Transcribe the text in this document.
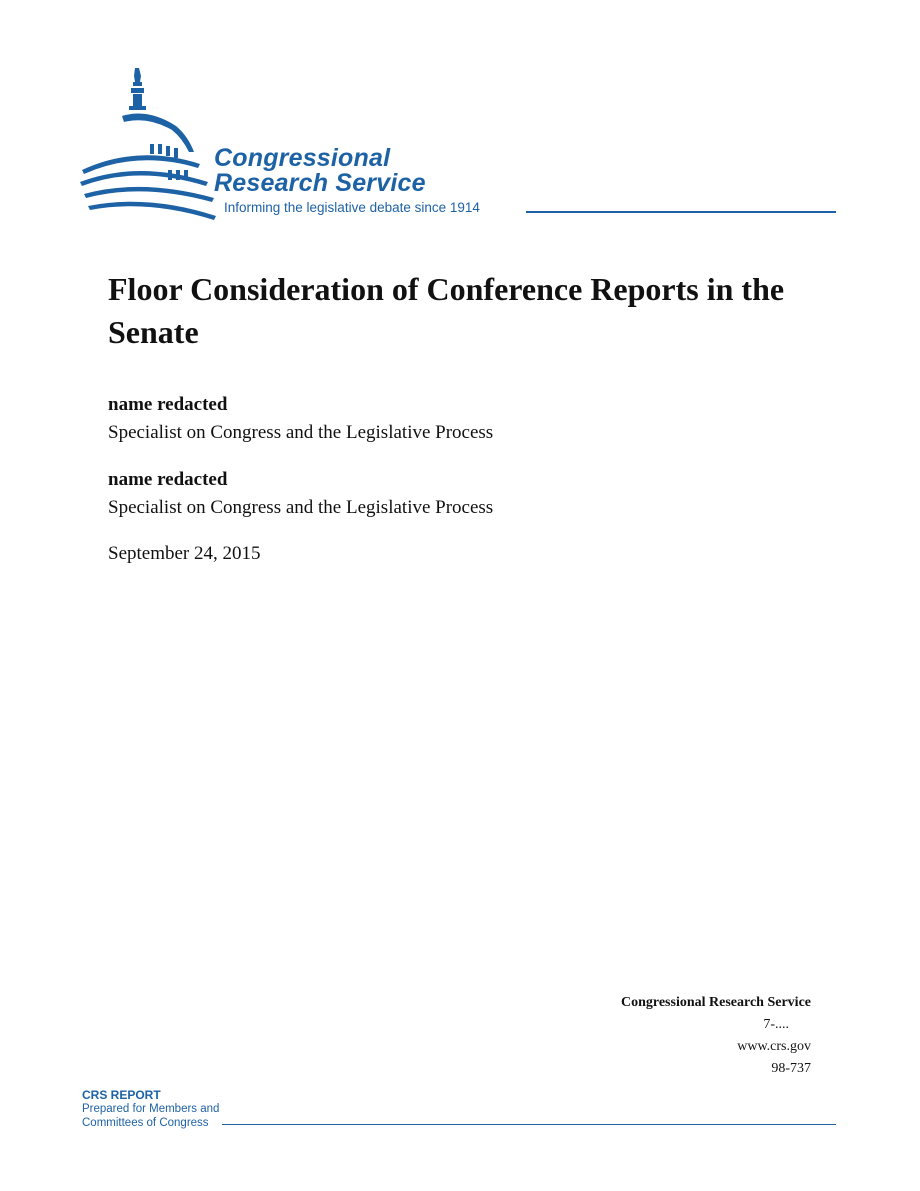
Congressional
Research Service
Informing the legislative debate since 1914
Floor Consideration of Conference Reports in the Senate
name redacted
Specialist on Congress and the Legislative Process
name redacted
Specialist on Congress and the Legislative Process
September 24, 2015
Congressional Research Service
7-....
www.crs.gov
98-737
CRS REPORT
Prepared for Members and
Committees of Congress
